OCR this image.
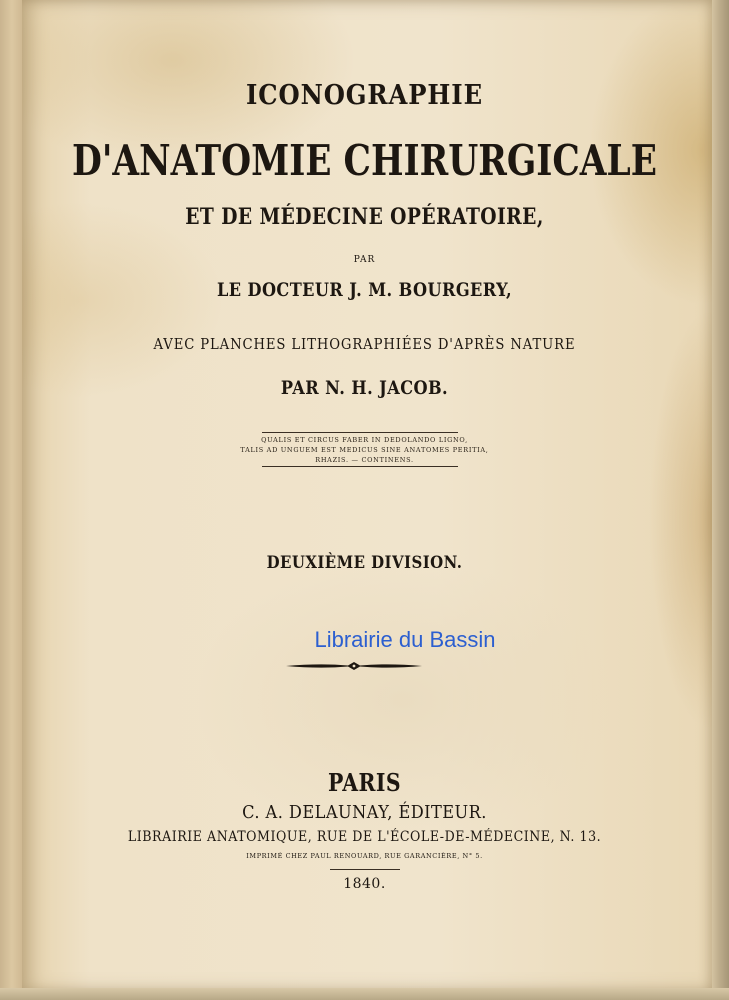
ICONOGRAPHIE
D'ANATOMIE CHIRURGICALE
ET DE MÉDECINE OPÉRATOIRE,
PAR
LE DOCTEUR J. M. BOURGERY,
AVEC PLANCHES LITHOGRAPHIÉES D'APRÈS NATURE
PAR N. H. JACOB.
QUALIS ET CIRCUS FABER IN DEDOLANDO LIGNO,
TALIS AD UNGUEM EST MEDICUS SINE ANATOMES PERITIA,
RHAZIS. — CONTINENS.
DEUXIÈME DIVISION.
Librairie du Bassin
PARIS
C. A. DELAUNAY, ÉDITEUR.
LIBRAIRIE ANATOMIQUE, RUE DE L'ÉCOLE-DE-MÉDECINE, N. 13.
IMPRIMÉ CHEZ PAUL RENOUARD, RUE GARANCIÈRE, N° 5.
1840.
